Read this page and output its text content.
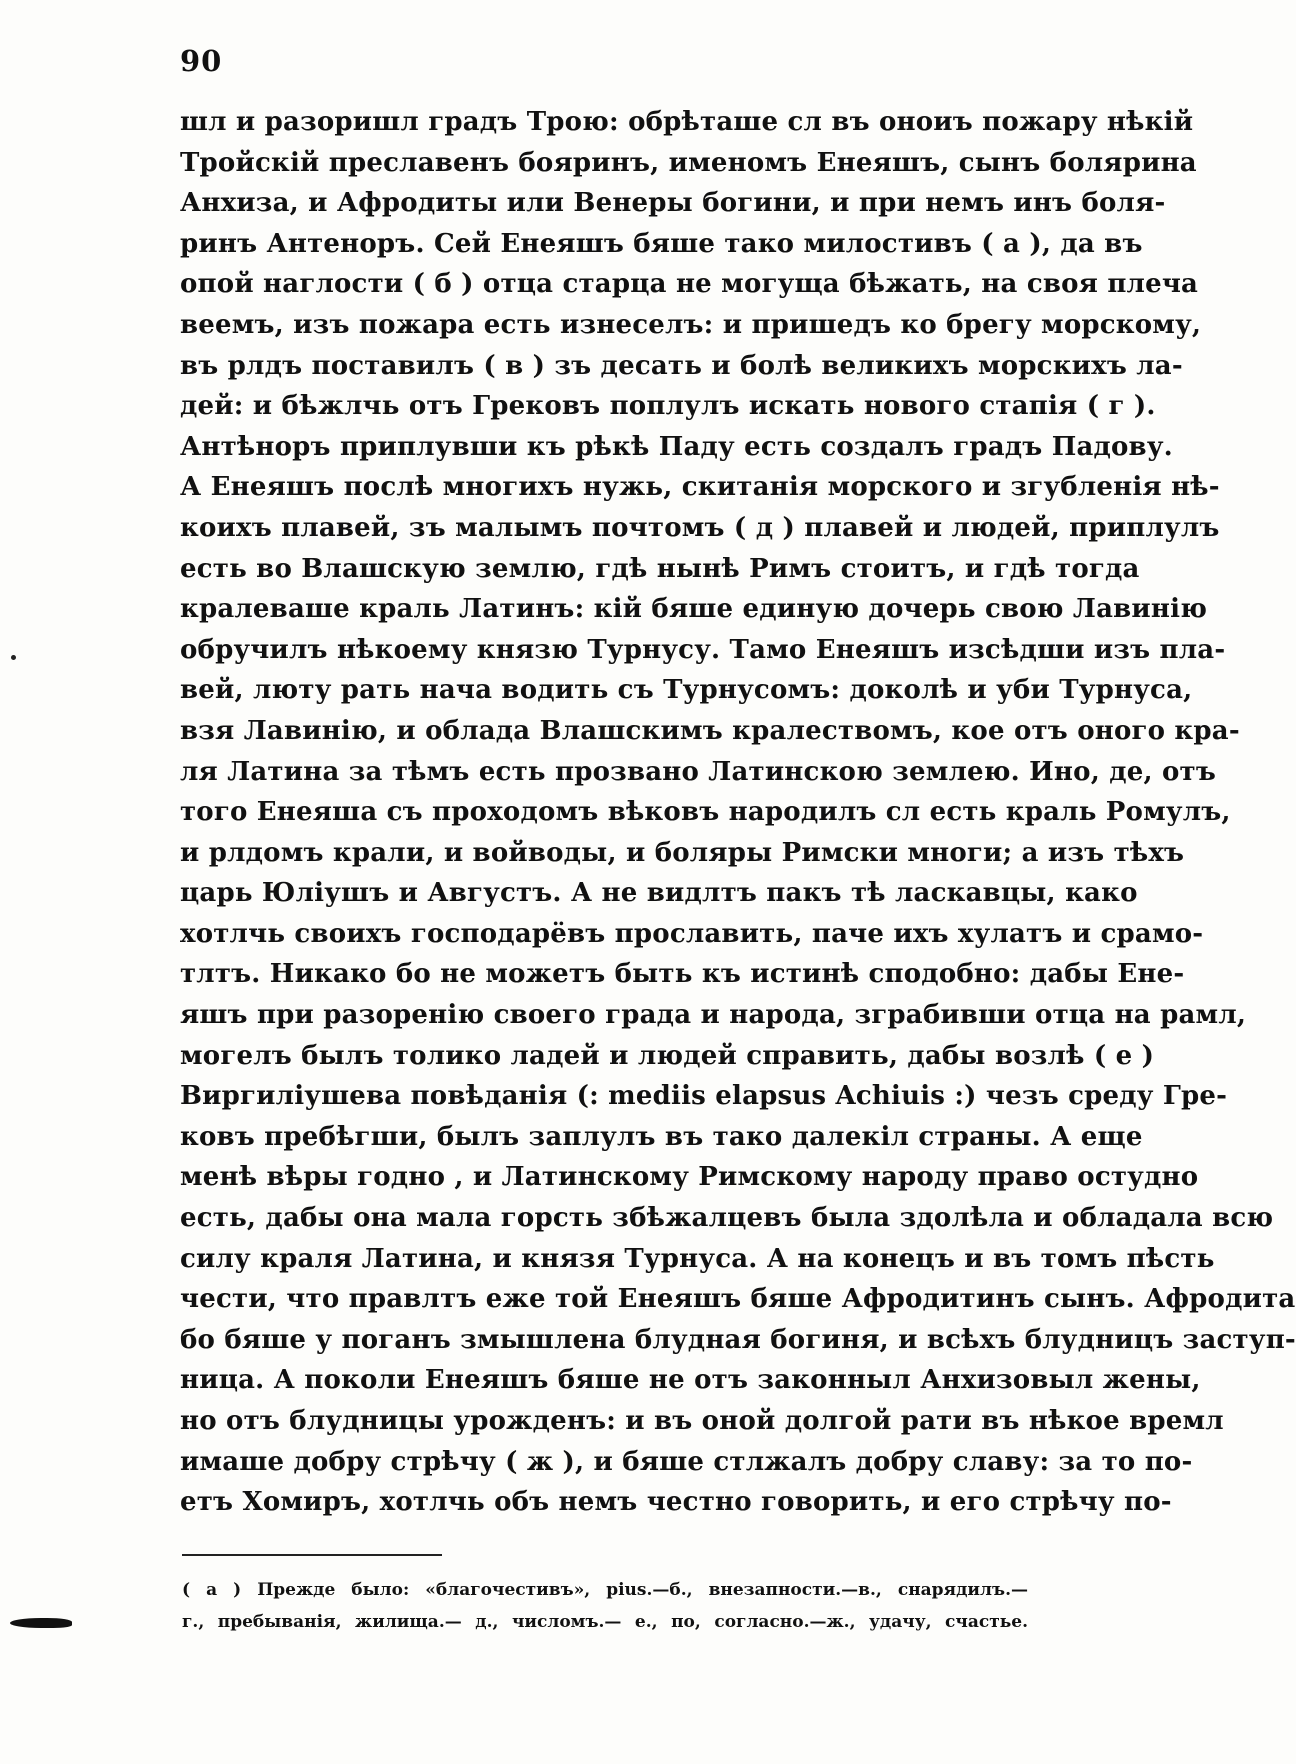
90
шл и разоришл градъ Трою: обрѣташе сл въ оноиъ пожару нѣкій
Тройскій преславенъ бояринъ, именомъ Енеяшъ, сынъ болярина
Анхиза, и Афродиты или Венеры богини, и при немъ инъ боля-
ринъ Антеноръ. Сей Енеяшъ бяше тако милостивъ ( а ), да въ
опой наглости ( б ) отца старца не могуща бѣжать, на своя плеча
веемъ, изъ пожара есть изнеселъ: и пришедъ ко брегу морскому,
въ рлдъ поставилъ ( в ) зъ десать и болѣ великихъ морскихъ ла-
дей: и бѣжлчь отъ Грековъ поплулъ искать нового стапія ( г ).
Антѣноръ приплувши къ рѣкѣ Паду есть создалъ градъ Падову.
А Енеяшъ послѣ многихъ нужь, скитанія морского и згубленія нѣ-
коихъ плавей, зъ малымъ почтомъ ( д ) плавей и людей, приплулъ
есть во Влашскую землю, гдѣ нынѣ Римъ стоитъ, и гдѣ тогда
кралеваше краль Латинъ: кій бяше единую дочерь свою Лавинію
обручилъ нѣкоему князю Турнусу. Тамо Енеяшъ изсѣдши изъ пла-
вей, люту рать нача водить съ Турнусомъ: доколѣ и уби Турнуса,
взя Лавинію, и облада Влашскимъ кралествомъ, кое отъ оного кра-
ля Латина за тѣмъ есть прозвано Латинскою землею. Ино, де, отъ
того Енеяша съ проходомъ вѣковъ народилъ сл есть краль Ромулъ,
и рлдомъ крали, и войводы, и боляры Римски многи; а изъ тѣхъ
царь Юліушъ и Августъ. А не видлтъ пакъ тѣ ласкавцы, како
хотлчь своихъ господарёвъ прославить, паче ихъ хулатъ и срамо-
тлтъ. Никако бо не можетъ быть къ истинѣ сподобно: дабы Ене-
яшъ при разоренію своего града и народа, зграбивши отца на рамл,
могелъ былъ толико ладей и людей справить, дабы возлѣ ( е )
Виргиліушева повѣданія (: mediis elapsus Achiuis :) чезъ среду Гре-
ковъ пребѣгши, былъ заплулъ въ тако далекіл страны. А еще
менѣ вѣры годно , и Латинскому Римскому народу право остудно
есть, дабы она мала горсть збѣжалцевъ была здолѣла и обладала всю
силу краля Латина, и князя Турнуса. А на конецъ и въ томъ пѣсть
чести, что правлтъ еже той Енеяшъ бяше Афродитинъ сынъ. Афродита
бо бяше у поганъ змышлена блудная богиня, и всѣхъ блудницъ заступ-
ница. А поколи Енеяшъ бяше не отъ законныл Анхизовыл жены,
но отъ блудницы урожденъ: и въ оной долгой рати въ нѣкое времл
имаше добру стрѣчу ( ж ), и бяше стлжалъ добру славу: за то по-
етъ Хомиръ, хотлчь объ немъ честно говорить, и его стрѣчу по-
( а ) Прежде было: «благочестивъ», pius.—б., внезапности.—в., снарядилъ.—
г., пребыванія, жилища.— д., числомъ.— е., по, согласно.—ж., удачу, счастье.
